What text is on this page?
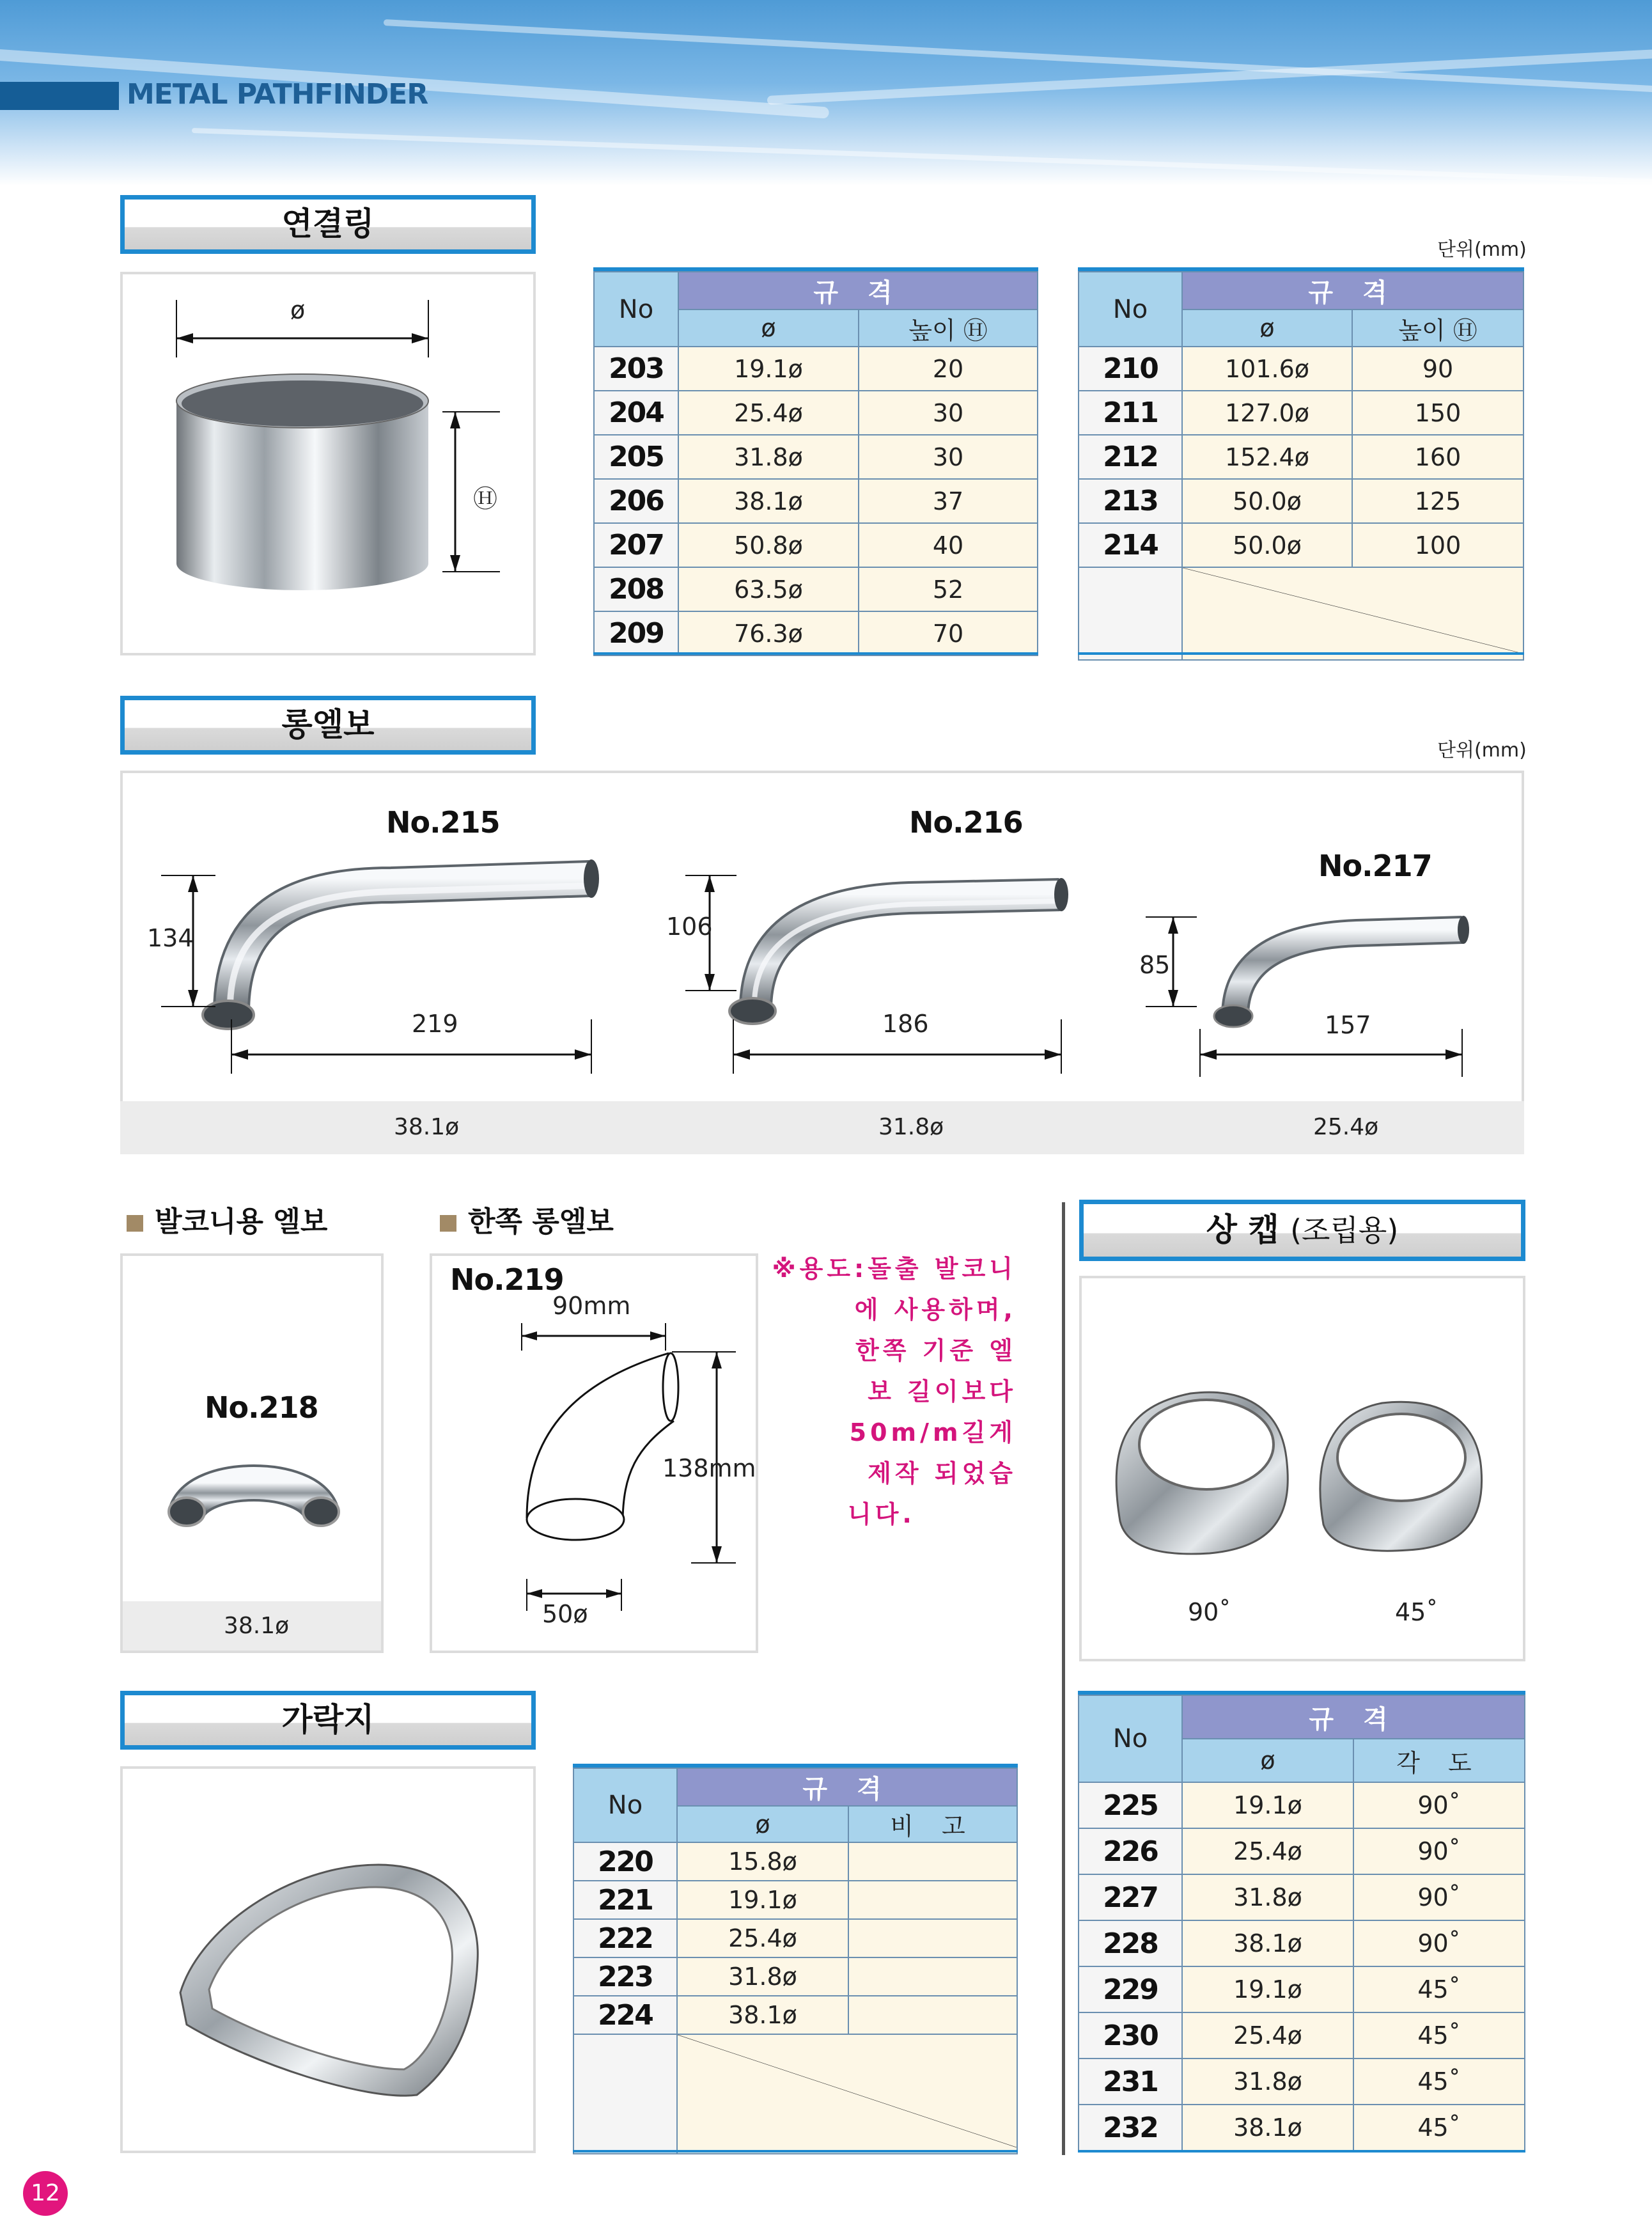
METAL PATHFINDER
연결링
단위(mm)
ø
Ⓗ
No	규 격	
	ø	높이 Ⓗ
203	19.1ø	20
204	25.4ø	30
205	31.8ø	30
206	38.1ø	37
207	50.8ø	40
208	63.5ø	52
209	76.3ø	70
No	규 격	
	ø	높이 Ⓗ
210	101.6ø	90
211	127.0ø	150
212	152.4ø	160
213	50.0ø	125
214	50.0ø	100

롱엘보
단위(mm)
No.215	No.216
No.217
134	106
85
219	186	157
38.1ø	31.8ø	25.4ø
발코니용 엘보
No.218
38.1ø
한쪽 롱엘보
No.219
90mm
138mm
50ø
※용도:돌출 발코니
에 사용하며,
한쪽 기준 엘
보 길이보다
50m/m길게
제작 되었습
니다.
상 캡 (조립용)
90˚	45˚
No	규 격	
	ø	각 도
225	19.1ø	90˚
226	25.4ø	90˚
227	31.8ø	90˚
228	38.1ø	90˚
229	19.1ø	45˚
230	25.4ø	45˚
231	31.8ø	45˚
232	38.1ø	45˚
가락지
No	규 격	
	ø	비 고
220	15.8ø	
221	19.1ø	
222	25.4ø	
223	31.8ø	
224	38.1ø	

12
